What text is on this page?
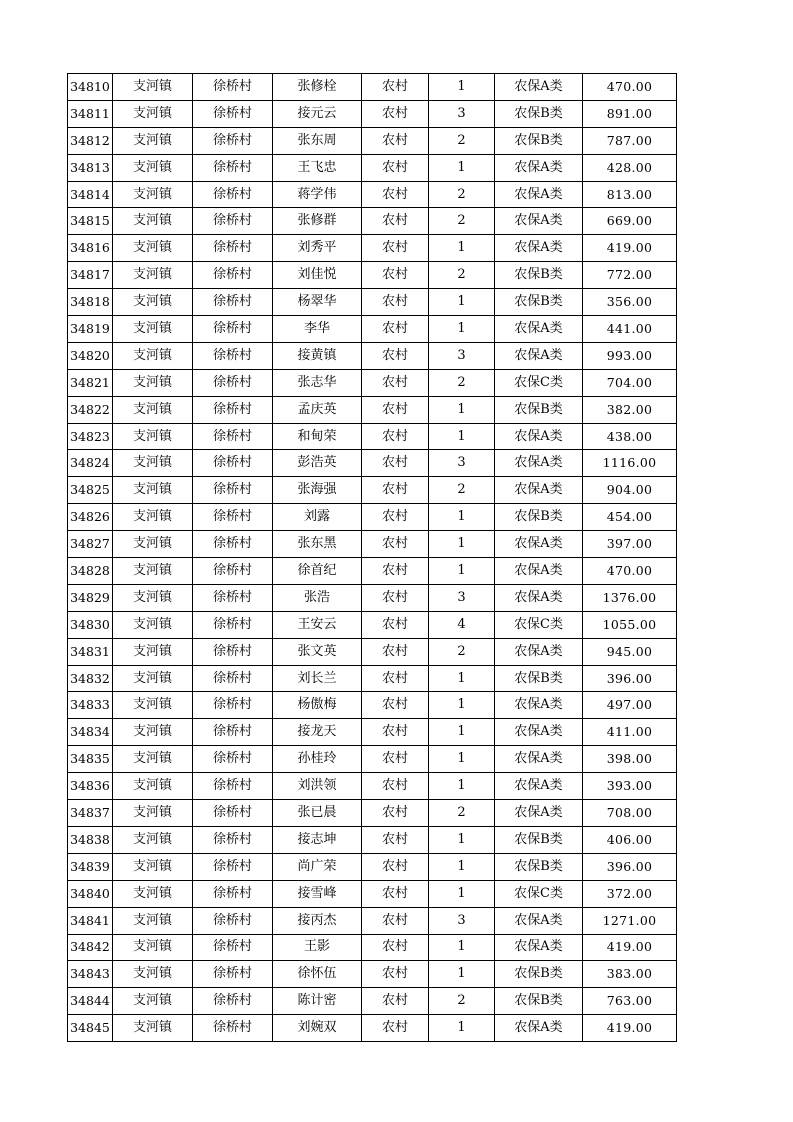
34810	支河镇	徐桥村	张修栓	农村	1	农保A类	470.00
34811	支河镇	徐桥村	接元云	农村	3	农保B类	891.00
34812	支河镇	徐桥村	张东周	农村	2	农保B类	787.00
34813	支河镇	徐桥村	王飞忠	农村	1	农保A类	428.00
34814	支河镇	徐桥村	蒋学伟	农村	2	农保A类	813.00
34815	支河镇	徐桥村	张修群	农村	2	农保A类	669.00
34816	支河镇	徐桥村	刘秀平	农村	1	农保A类	419.00
34817	支河镇	徐桥村	刘佳悦	农村	2	农保B类	772.00
34818	支河镇	徐桥村	杨翠华	农村	1	农保B类	356.00
34819	支河镇	徐桥村	李华	农村	1	农保A类	441.00
34820	支河镇	徐桥村	接黄镇	农村	3	农保A类	993.00
34821	支河镇	徐桥村	张志华	农村	2	农保C类	704.00
34822	支河镇	徐桥村	孟庆英	农村	1	农保B类	382.00
34823	支河镇	徐桥村	和甸荣	农村	1	农保A类	438.00
34824	支河镇	徐桥村	彭浩英	农村	3	农保A类	1116.00
34825	支河镇	徐桥村	张海强	农村	2	农保A类	904.00
34826	支河镇	徐桥村	刘露	农村	1	农保B类	454.00
34827	支河镇	徐桥村	张东黑	农村	1	农保A类	397.00
34828	支河镇	徐桥村	徐首纪	农村	1	农保A类	470.00
34829	支河镇	徐桥村	张浩	农村	3	农保A类	1376.00
34830	支河镇	徐桥村	王安云	农村	4	农保C类	1055.00
34831	支河镇	徐桥村	张文英	农村	2	农保A类	945.00
34832	支河镇	徐桥村	刘长兰	农村	1	农保B类	396.00
34833	支河镇	徐桥村	杨傲梅	农村	1	农保A类	497.00
34834	支河镇	徐桥村	接龙天	农村	1	农保A类	411.00
34835	支河镇	徐桥村	孙桂玲	农村	1	农保A类	398.00
34836	支河镇	徐桥村	刘洪领	农村	1	农保A类	393.00
34837	支河镇	徐桥村	张已晨	农村	2	农保A类	708.00
34838	支河镇	徐桥村	接志坤	农村	1	农保B类	406.00
34839	支河镇	徐桥村	尚广荣	农村	1	农保B类	396.00
34840	支河镇	徐桥村	接雪峰	农村	1	农保C类	372.00
34841	支河镇	徐桥村	接丙杰	农村	3	农保A类	1271.00
34842	支河镇	徐桥村	王影	农村	1	农保A类	419.00
34843	支河镇	徐桥村	徐怀伍	农村	1	农保B类	383.00
34844	支河镇	徐桥村	陈计密	农村	2	农保B类	763.00
34845	支河镇	徐桥村	刘婉双	农村	1	农保A类	419.00
